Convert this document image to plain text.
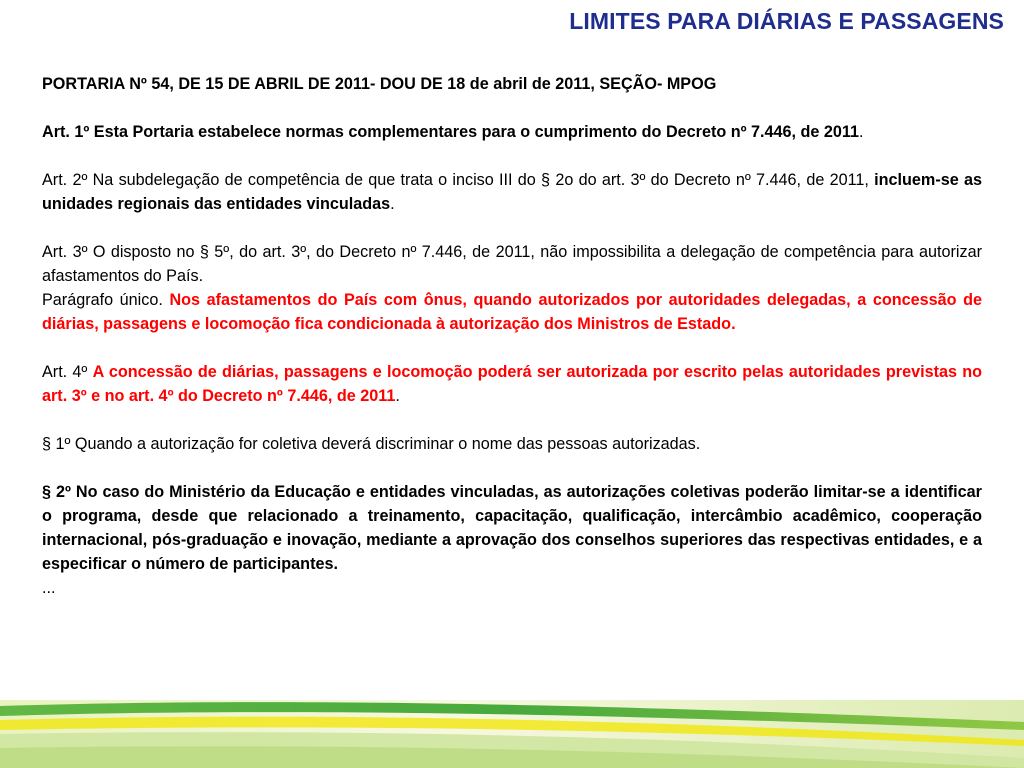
LIMITES PARA DIÁRIAS E PASSAGENS

PORTARIA Nº 54, DE 15 DE ABRIL DE 2011- DOU DE 18 de abril de 2011, SEÇÃO- MPOG

Art. 1º Esta Portaria estabelece normas complementares para o cumprimento do Decreto nº 7.446, de 2011.

Art. 2º Na subdelegação de competência de que trata o inciso III do § 2o do art. 3º do Decreto nº 7.446, de 2011, incluem-se as unidades regionais das entidades vinculadas.

Art. 3º O disposto no § 5º, do art. 3º, do Decreto nº 7.446, de 2011, não impossibilita a delegação de competência para autorizar afastamentos do País.

Parágrafo único. Nos afastamentos do País com ônus, quando autorizados por autoridades delegadas, a concessão de diárias, passagens e locomoção fica condicionada à autorização dos Ministros de Estado.

Art. 4º A concessão de diárias, passagens e locomoção poderá ser autorizada por escrito pelas autoridades previstas no art. 3º e no art. 4º do Decreto nº 7.446, de 2011.

§ 1º Quando a autorização for coletiva deverá discriminar o nome das pessoas autorizadas.

§ 2º No caso do Ministério da Educação e entidades vinculadas, as autorizações coletivas poderão limitar-se a identificar o programa, desde que relacionado a treinamento, capacitação, qualificação, intercâmbio acadêmico, cooperação internacional, pós-graduação e inovação, mediante a aprovação dos conselhos superiores das respectivas entidades, e a especificar o número de participantes.

...
